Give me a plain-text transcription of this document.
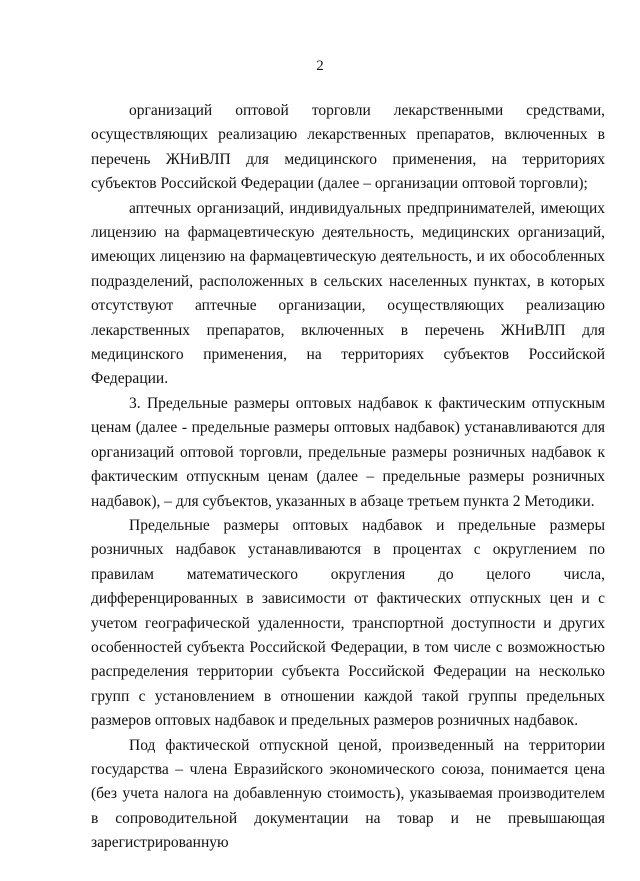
2

организаций оптовой торговли лекарственными средствами, осуществляющих реализацию лекарственных препаратов, включенных в перечень ЖНиВЛП для медицинского применения, на территориях субъектов Российской Федерации (далее – организации оптовой торговли);

аптечных организаций, индивидуальных предпринимателей, имеющих лицензию на фармацевтическую деятельность, медицинских организаций, имеющих лицензию на фармацевтическую деятельность, и их обособленных подразделений, расположенных в сельских населенных пунктах, в которых отсутствуют аптечные организации, осуществляющих реализацию лекарственных препаратов, включенных в перечень ЖНиВЛП для медицинского применения, на территориях субъектов Российской Федерации.

3. Предельные размеры оптовых надбавок к фактическим отпускным ценам (далее - предельные размеры оптовых надбавок) устанавливаются для организаций оптовой торговли, предельные размеры розничных надбавок к фактическим отпускным ценам (далее – предельные размеры розничных надбавок), – для субъектов, указанных в абзаце третьем пункта 2 Методики.

Предельные размеры оптовых надбавок и предельные размеры розничных надбавок устанавливаются в процентах с округлением по правилам математического округления до целого числа, дифференцированных в зависимости от фактических отпускных цен и с учетом географической удаленности, транспортной доступности и других особенностей субъекта Российской Федерации, в том числе с возможностью распределения территории субъекта Российской Федерации на несколько групп с установлением в отношении каждой такой группы предельных размеров оптовых надбавок и предельных размеров розничных надбавок.

Под фактической отпускной ценой, произведенный на территории государства – члена Евразийского экономического союза, понимается цена (без учета налога на добавленную стоимость), указываемая производителем в сопроводительной документации на товар и не превышающая зарегистрированную
